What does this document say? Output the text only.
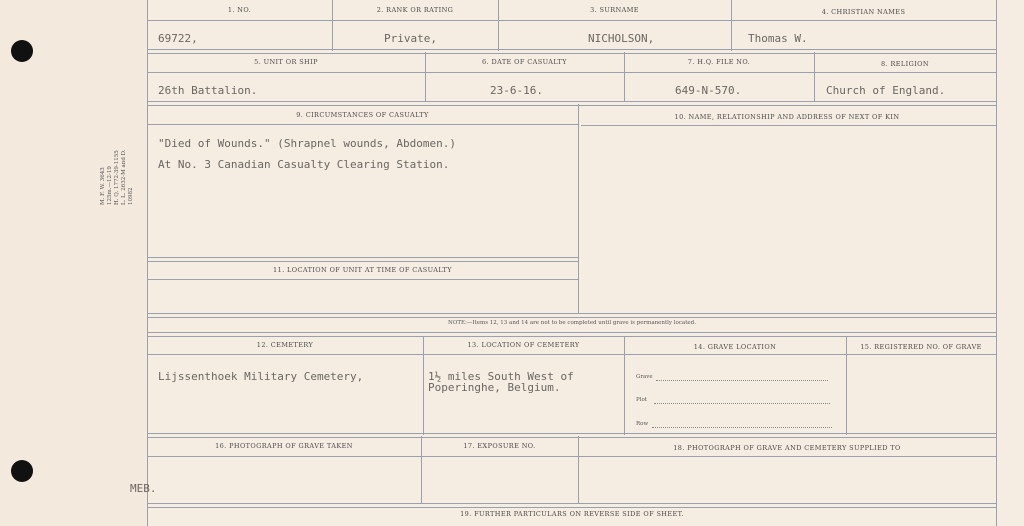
M. F. W. 3643 125m.—12-19 H. Q. 1772-39-1155 L. L. 2632-M and D. 10982
1. NO.	2. RANK OR RATING	3. SURNAME	4. CHRISTIAN NAMES
69722,	Private,	NICHOLSON,	Thomas W.
5. UNIT OR SHIP	6. DATE OF CASUALTY	7. H.Q. FILE NO.	8. RELIGION
26th Battalion.	23-6-16.	649-N-570.	Church of England.
9. CIRCUMSTANCES OF CASUALTY	10. NAME, RELATIONSHIP AND ADDRESS OF NEXT OF KIN
"Died of Wounds." (Shrapnel wounds, Abdomen.)
At No. 3 Canadian Casualty Clearing Station.
11. LOCATION OF UNIT AT TIME OF CASUALTY
NOTE:—Items 12, 13 and 14 are not to be completed until grave is permanently located.
12. CEMETERY	13. LOCATION OF CEMETERY	14. GRAVE LOCATION	15. REGISTERED NO. OF GRAVE
Lijssenthoek Military Cemetery,	1½ miles South West of
Poperinghe, Belgium.
Grave
Plot
Row
16. PHOTOGRAPH OF GRAVE TAKEN	17. EXPOSURE NO.	18. PHOTOGRAPH OF GRAVE AND CEMETERY SUPPLIED TO
MEB.
19. FURTHER PARTICULARS ON REVERSE SIDE OF SHEET.
